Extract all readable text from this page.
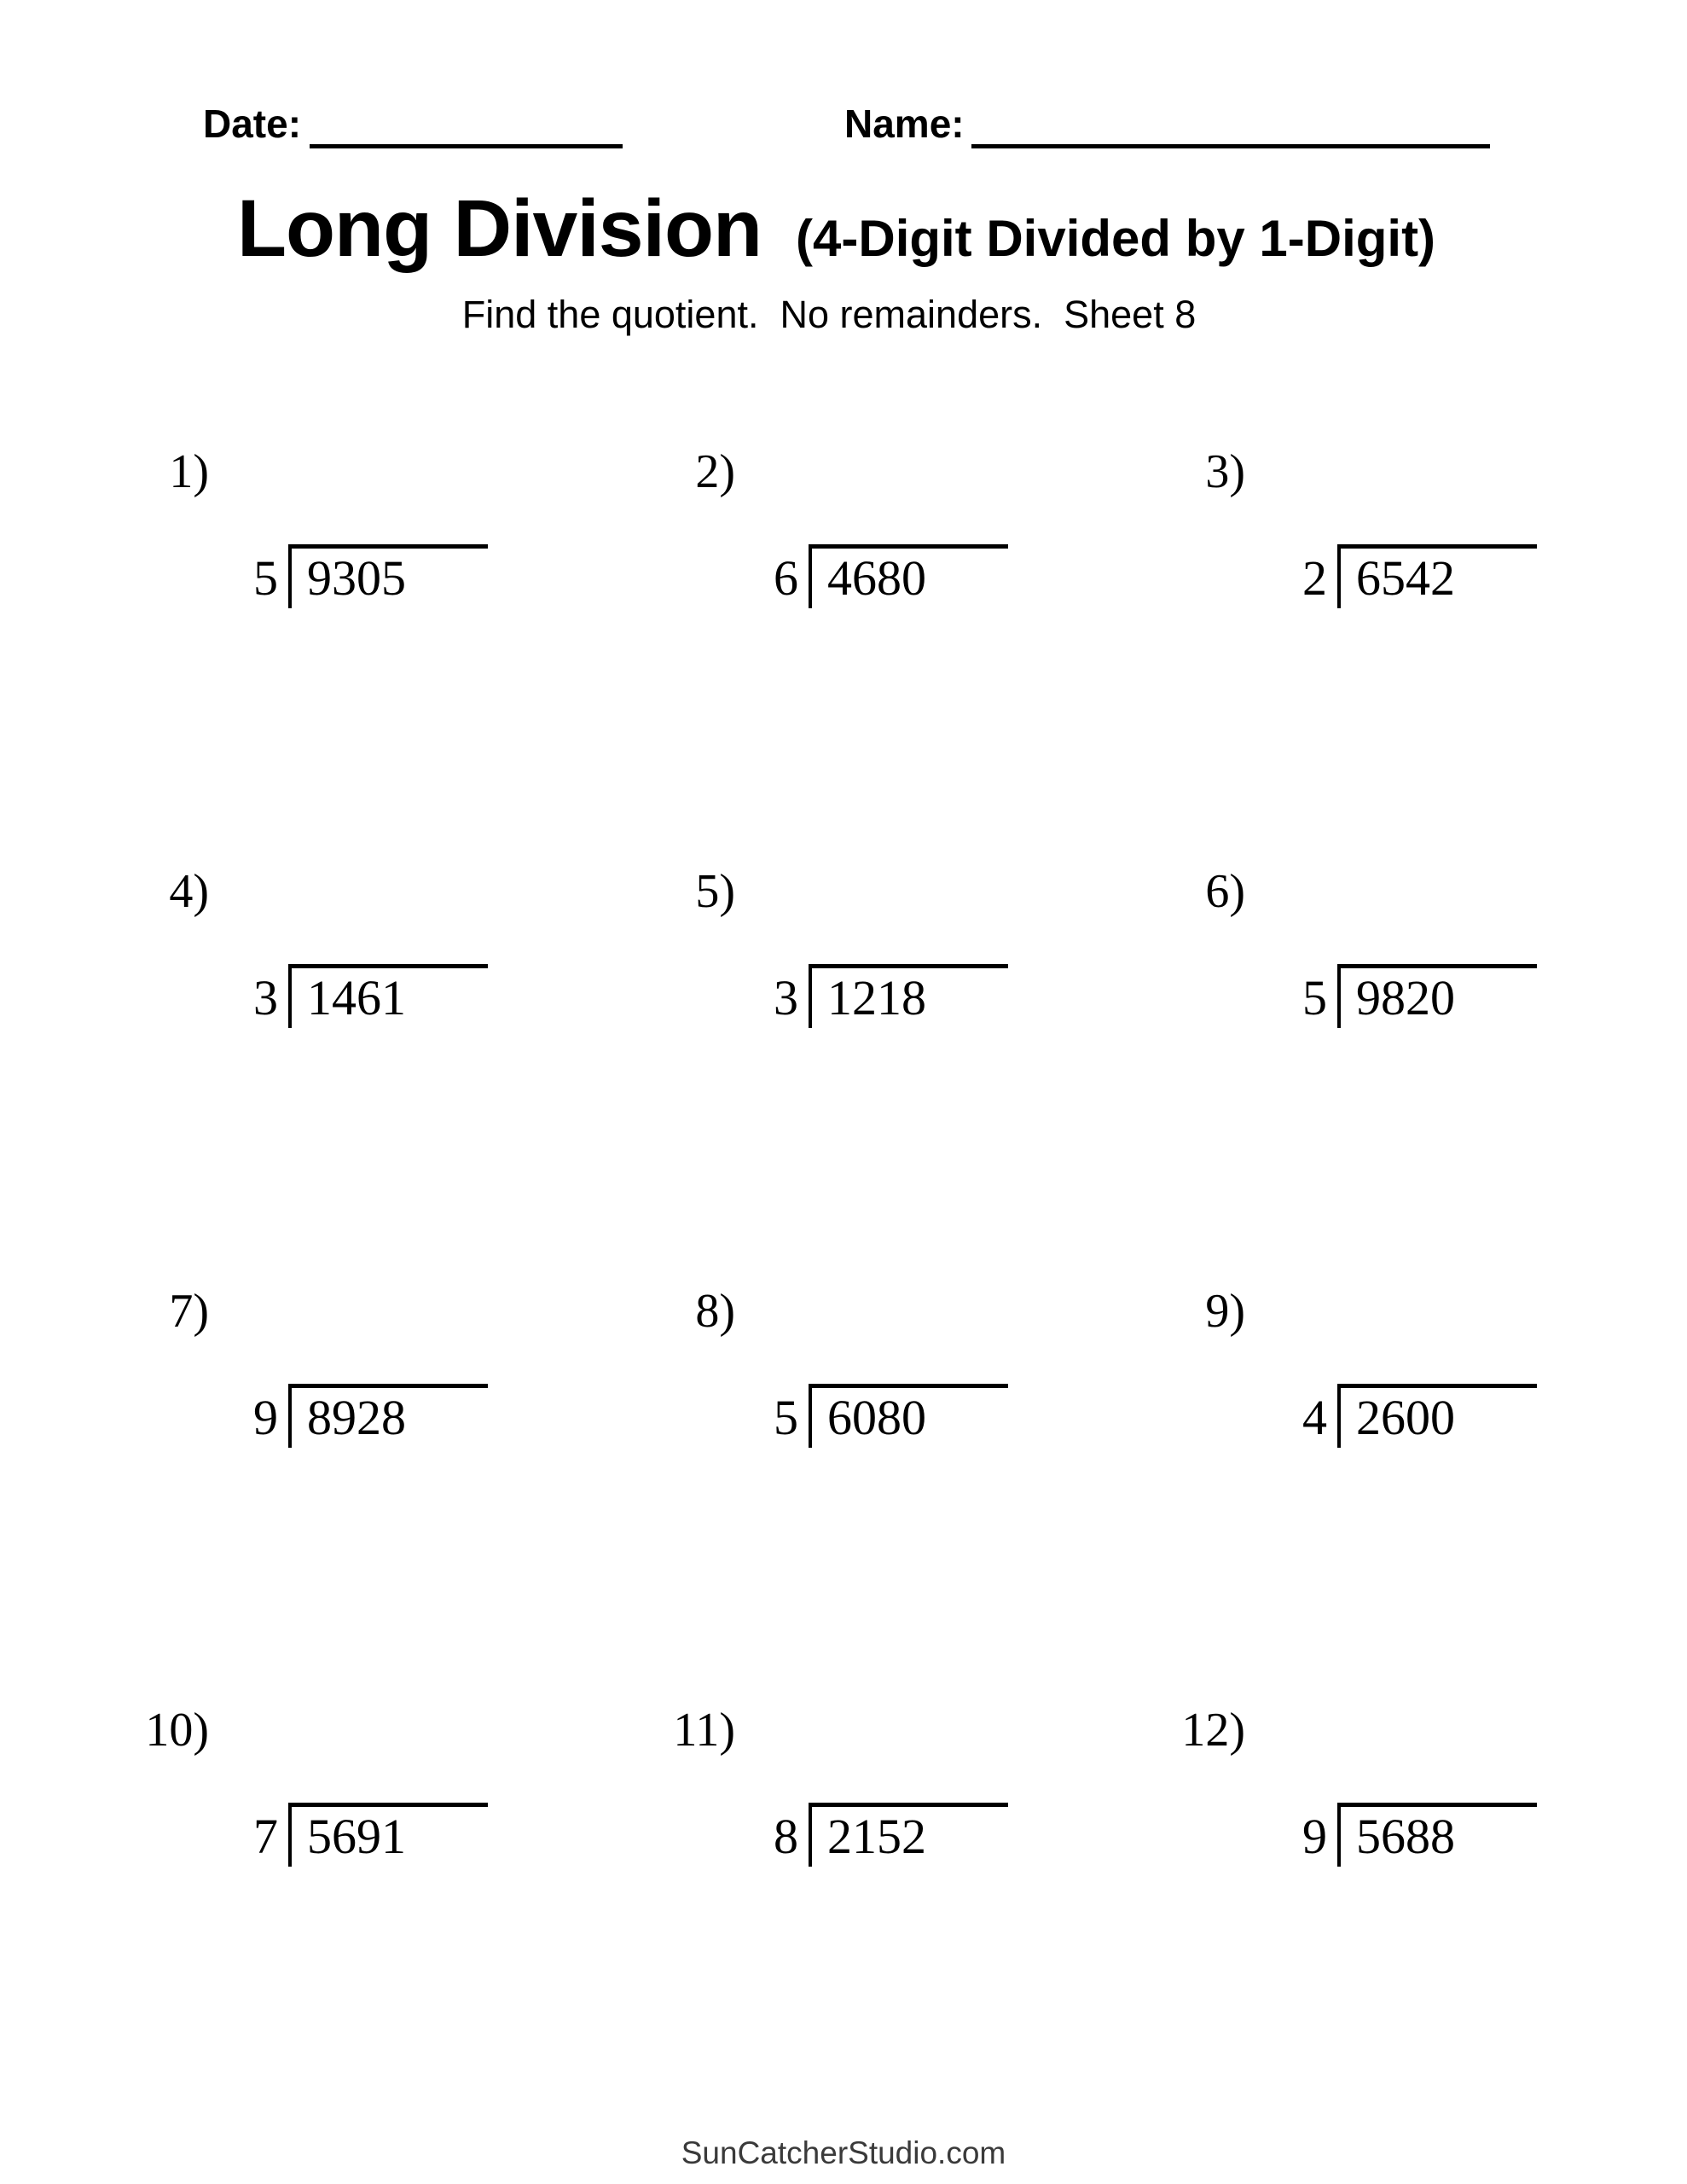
Date:	Name:
Long Division (4-Digit Divided by 1-Digit)
Find the quotient.  No remainders.  Sheet 8
1)
5 9305
2)
6 4680
3)
2 6542
4)
3 1461
5)
3 1218
6)
5 9820
7)
9 8928
8)
5 6080
9)
4 2600
10)
7 5691
11)
8 2152
12)
9 5688
SunCatcherStudio.com
